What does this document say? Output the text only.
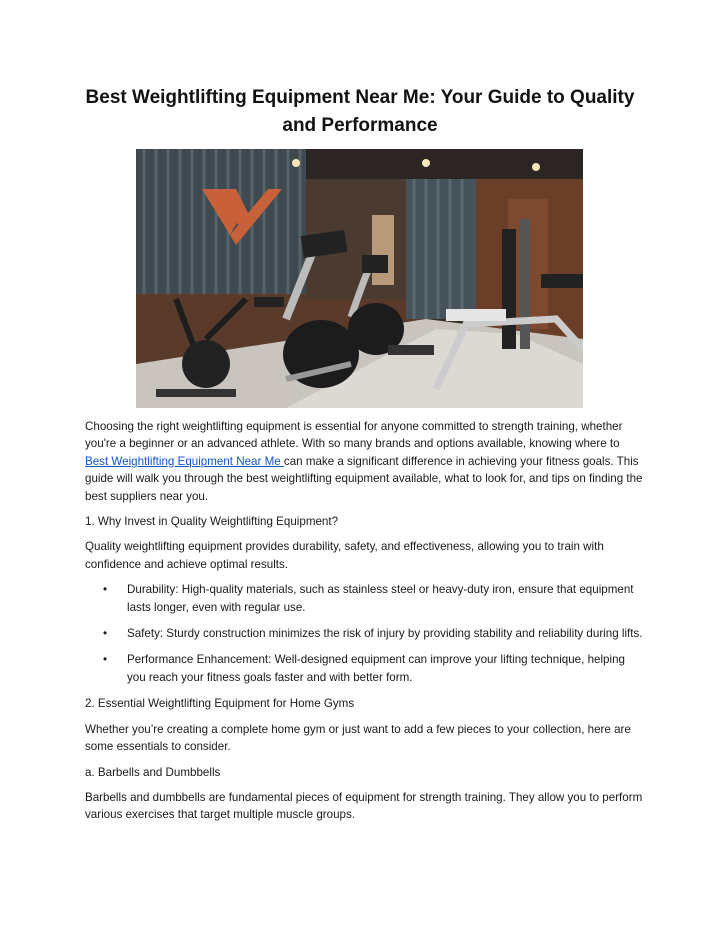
Best Weightlifting Equipment Near Me: Your Guide to Quality and Performance

Choosing the right weightlifting equipment is essential for anyone committed to strength training, whether you're a beginner or an advanced athlete. With so many brands and options available, knowing where to Best Weightlifting Equipment Near Me can make a significant difference in achieving your fitness goals. This guide will walk you through the best weightlifting equipment available, what to look for, and tips on finding the best suppliers near you.

1. Why Invest in Quality Weightlifting Equipment?

Quality weightlifting equipment provides durability, safety, and effectiveness, allowing you to train with confidence and achieve optimal results.

• Durability: High-quality materials, such as stainless steel or heavy-duty iron, ensure that equipment lasts longer, even with regular use.
• Safety: Sturdy construction minimizes the risk of injury by providing stability and reliability during lifts.
• Performance Enhancement: Well-designed equipment can improve your lifting technique, helping you reach your fitness goals faster and with better form.

2. Essential Weightlifting Equipment for Home Gyms

Whether you’re creating a complete home gym or just want to add a few pieces to your collection, here are some essentials to consider.

a. Barbells and Dumbbells

Barbells and dumbbells are fundamental pieces of equipment for strength training. They allow you to perform various exercises that target multiple muscle groups.
